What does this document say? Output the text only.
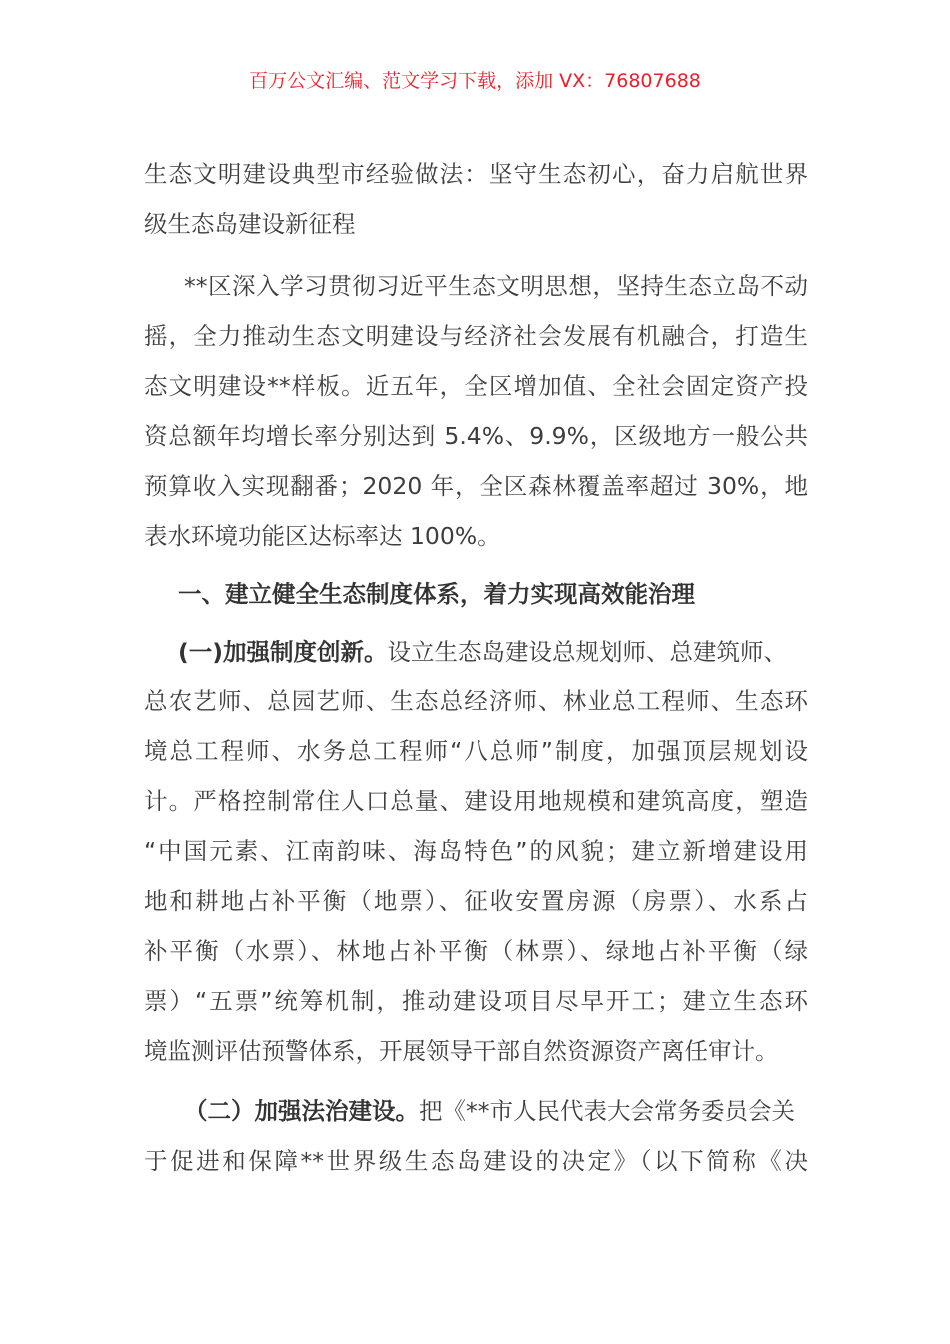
百万公文汇编、范文学习下载，添加 VX：76807688
生态文明建设典型市经验做法：坚守生态初心，奋力启航世界
级生态岛建设新征程
**区深入学习贯彻习近平生态文明思想，坚持生态立岛不动
摇，全力推动生态文明建设与经济社会发展有机融合，打造生
态文明建设**样板。近五年，全区增加值、全社会固定资产投
资总额年均增长率分别达到 5.4%、9.9%，区级地方一般公共
预算收入实现翻番；2020 年，全区森林覆盖率超过 30%，地
表水环境功能区达标率达 100%。
一、建立健全生态制度体系，着力实现高效能治理
(一)加强制度创新。设立生态岛建设总规划师、总建筑师、
总农艺师、总园艺师、生态总经济师、林业总工程师、生态环
境总工程师、水务总工程师“八总师”制度，加强顶层规划设
计。严格控制常住人口总量、建设用地规模和建筑高度，塑造
“中国元素、江南韵味、海岛特色”的风貌；建立新增建设用
地和耕地占补平衡（地票）、征收安置房源（房票）、水系占
补平衡（水票）、林地占补平衡（林票）、绿地占补平衡（绿
票）“五票”统筹机制，推动建设项目尽早开工；建立生态环
境监测评估预警体系，开展领导干部自然资源资产离任审计。
（二）加强法治建设。把《**市人民代表大会常务委员会关
于促进和保障**世界级生态岛建设的决定》（以下简称《决
